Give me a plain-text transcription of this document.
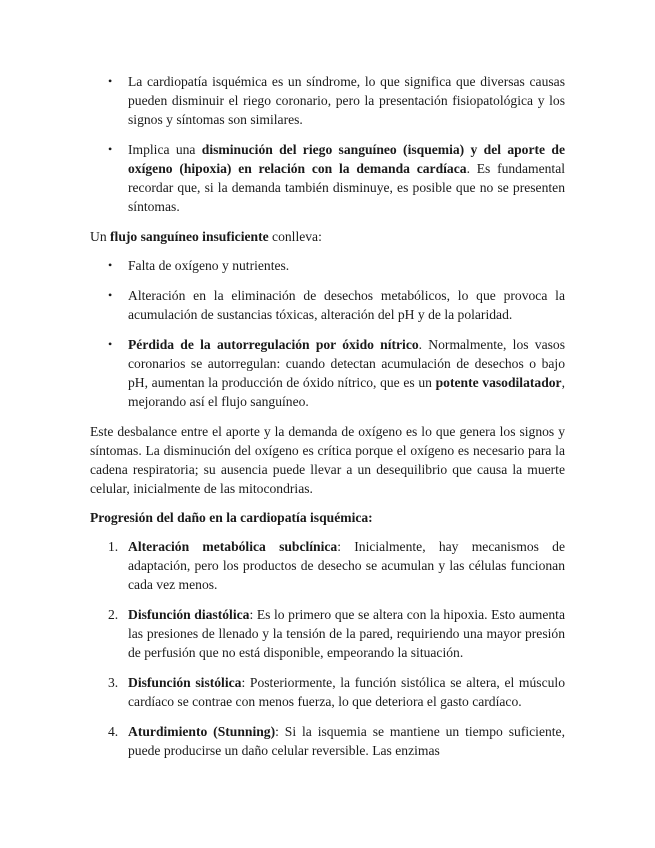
• La cardiopatía isquémica es un síndrome, lo que significa que diversas causas pueden disminuir el riego coronario, pero la presentación fisiopatológica y los signos y síntomas son similares.
• Implica una disminución del riego sanguíneo (isquemia) y del aporte de oxígeno (hipoxia) en relación con la demanda cardíaca. Es fundamental recordar que, si la demanda también disminuye, es posible que no se presenten síntomas.

Un flujo sanguíneo insuficiente conlleva:

• Falta de oxígeno y nutrientes.
• Alteración en la eliminación de desechos metabólicos, lo que provoca la acumulación de sustancias tóxicas, alteración del pH y de la polaridad.
• Pérdida de la autorregulación por óxido nítrico. Normalmente, los vasos coronarios se autorregulan: cuando detectan acumulación de desechos o bajo pH, aumentan la producción de óxido nítrico, que es un potente vasodilatador, mejorando así el flujo sanguíneo.

Este desbalance entre el aporte y la demanda de oxígeno es lo que genera los signos y síntomas. La disminución del oxígeno es crítica porque el oxígeno es necesario para la cadena respiratoria; su ausencia puede llevar a un desequilibrio que causa la muerte celular, inicialmente de las mitocondrias.

Progresión del daño en la cardiopatía isquémica:

1. Alteración metabólica subclínica: Inicialmente, hay mecanismos de adaptación, pero los productos de desecho se acumulan y las células funcionan cada vez menos.
2. Disfunción diastólica: Es lo primero que se altera con la hipoxia. Esto aumenta las presiones de llenado y la tensión de la pared, requiriendo una mayor presión de perfusión que no está disponible, empeorando la situación.
3. Disfunción sistólica: Posteriormente, la función sistólica se altera, el músculo cardíaco se contrae con menos fuerza, lo que deteriora el gasto cardíaco.
4. Aturdimiento (Stunning): Si la isquemia se mantiene un tiempo suficiente, puede producirse un daño celular reversible. Las enzimas
